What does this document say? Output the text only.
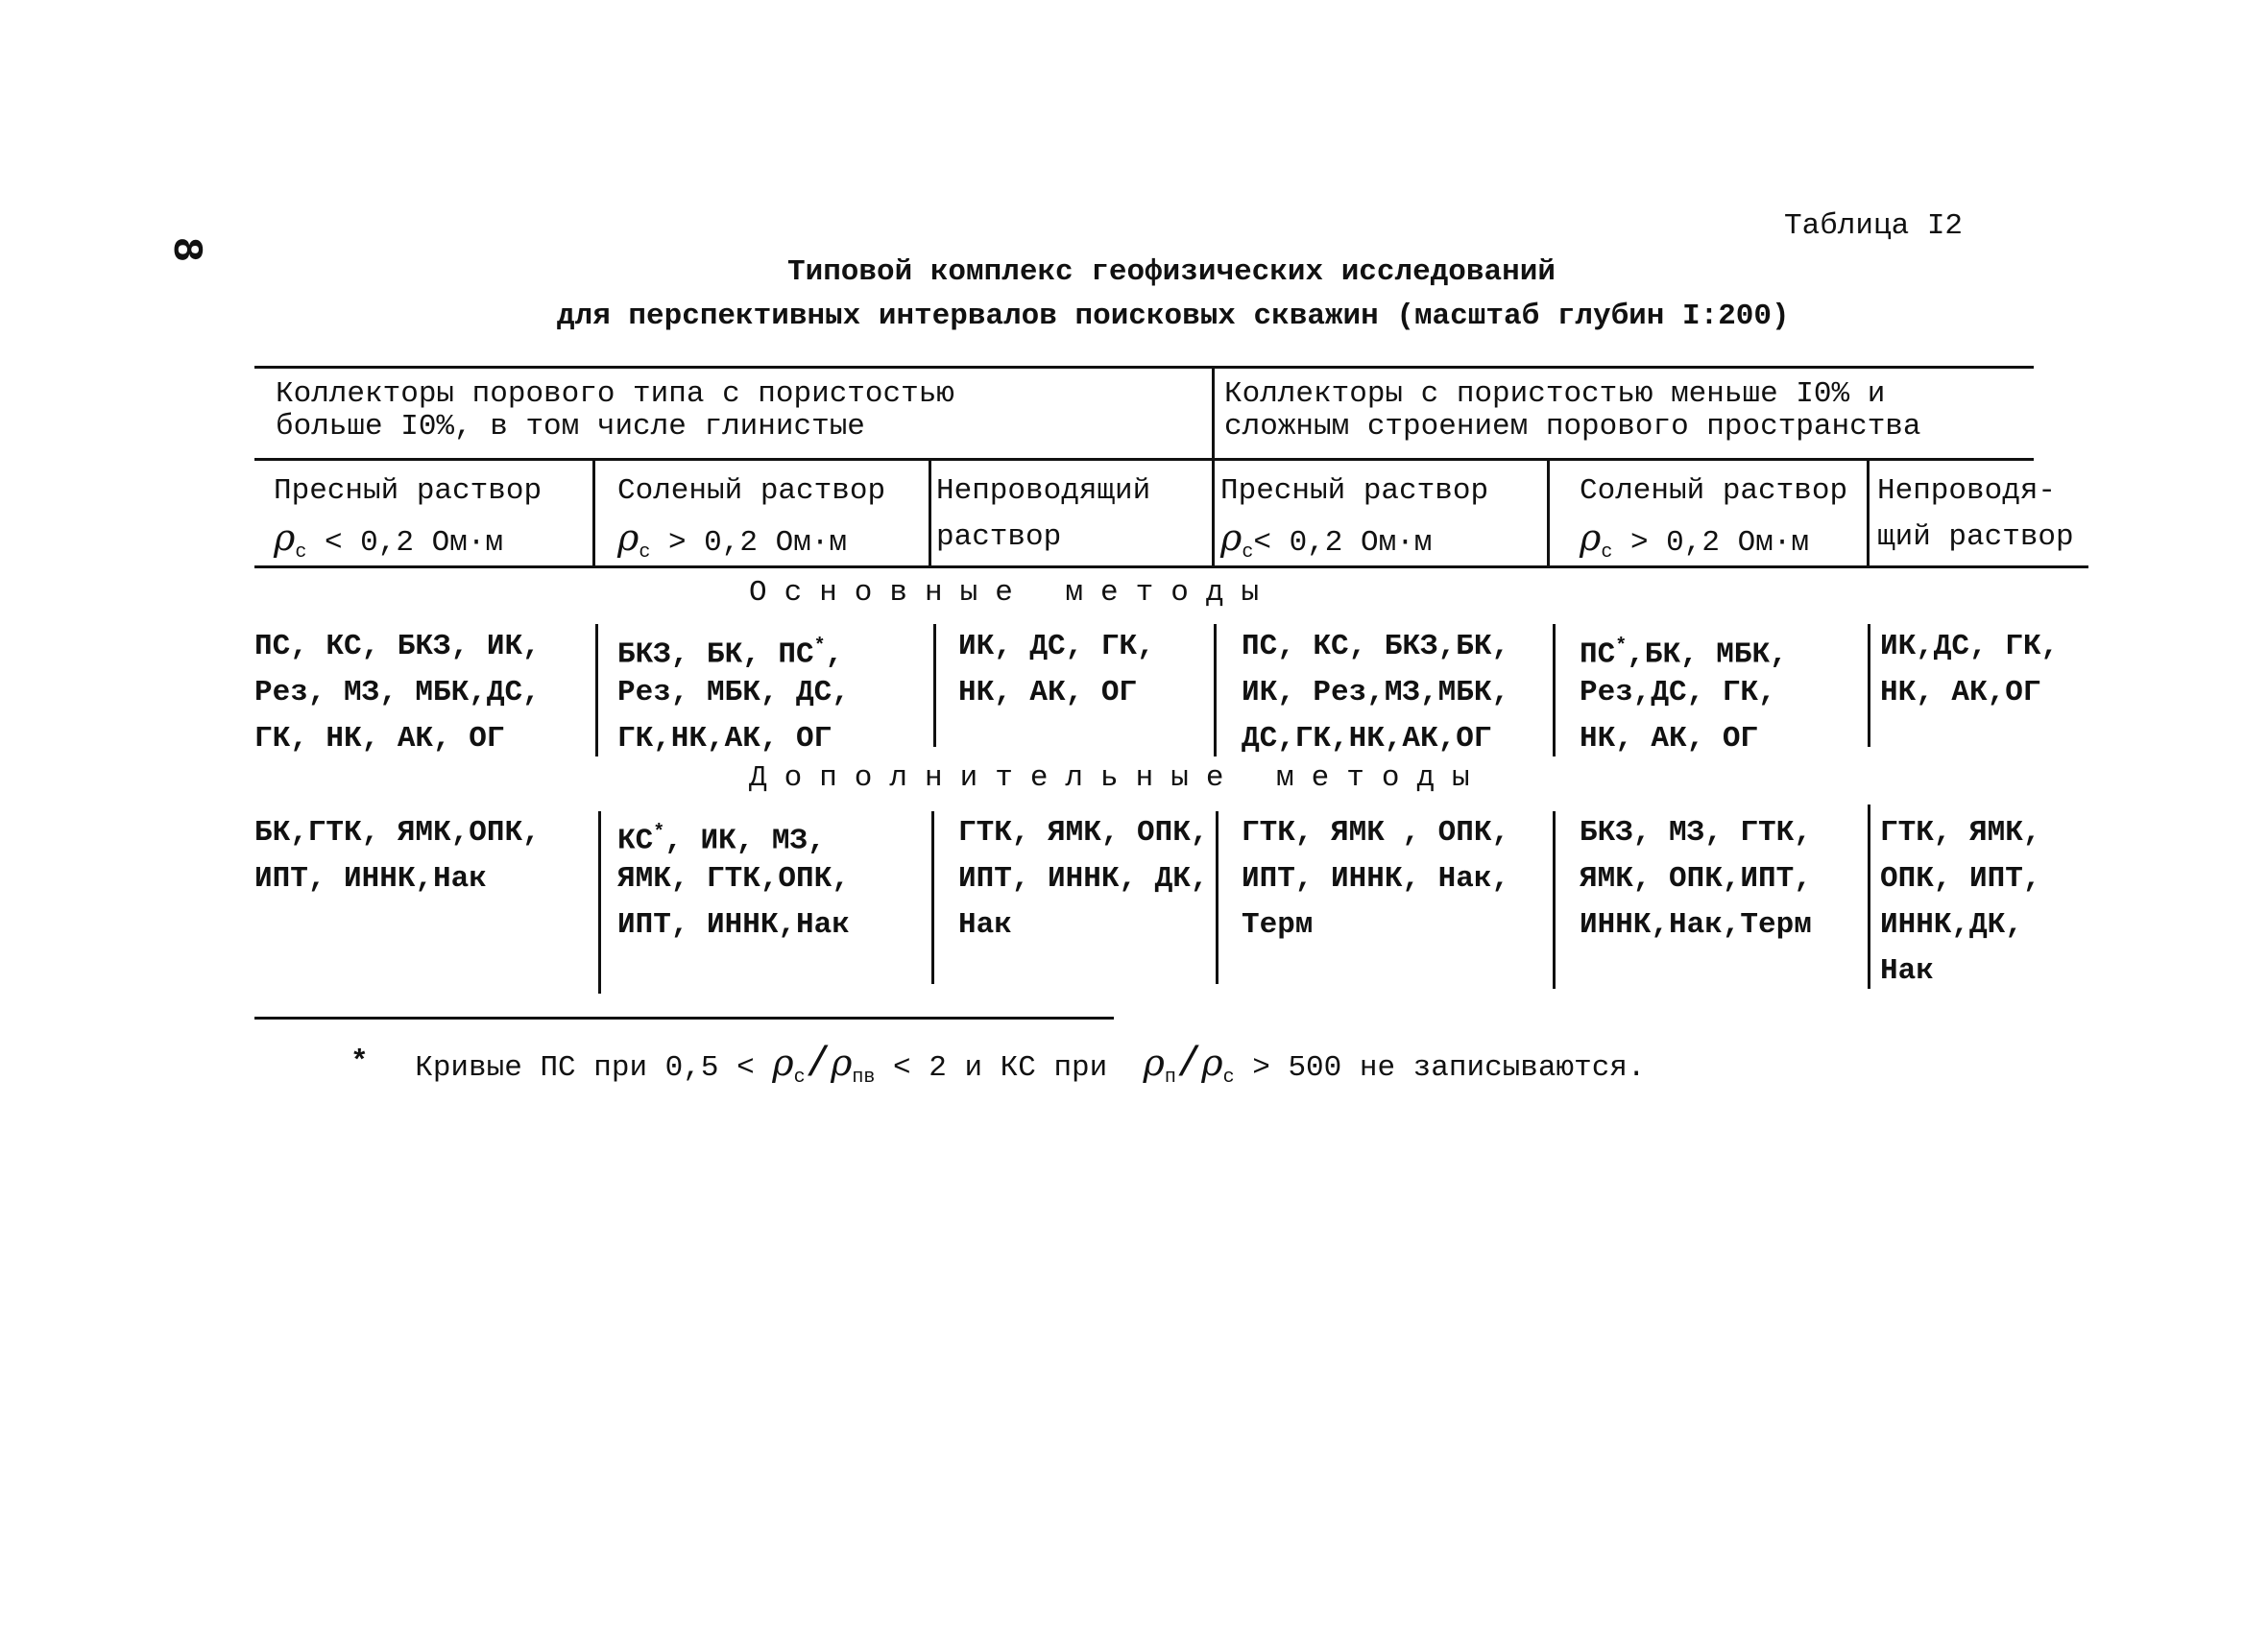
8
Таблица I2
Типовой комплекс геофизических исследований
для перспективных интервалов поисковых скважин (масштаб глубин I:200)
Коллекторы порового типа с пористостью
больше I0%, в том числе глинистые
Коллекторы с пористостью меньше I0% и
сложным строением порового пространства
Пресный раствор
$\rho_c < 0,2$ Ом·м
Соленый раствор
$\rho_c > 0,2$ Ом·м
Непроводящий
раствор
Пресный раствор
$\rho_c< 0,2$ Ом·м
Соленый раствор
$\rho_c > 0,2$ Ом·м
Непроводя-
щий раствор
Основные методы
ПС, КС, БКЗ, ИК,
Рез, МЗ, МБК,ДС,
ГК, НК, АК, ОГ
БКЗ, БК, ПС*,
Рез, МБК, ДС,
ГК,НК,АК, ОГ
ИК, ДС, ГК,
НК, АК, ОГ
ПС, КС, БКЗ,БК,
ИК, Рез,МЗ,МБК,
ДС,ГК,НК,АК,ОГ
ПС*,БК, МБК,
Рез,ДС, ГК,
НК, АК, ОГ
ИК,ДС, ГК,
НК, АК,ОГ
Дополнительные методы
БК,ГТК, ЯМК,ОПК,
ИПТ, ИННК,Нак
КС*, ИК, МЗ,
ЯМК, ГТК,ОПК,
ИПТ, ИННК,Нак
ГТК, ЯМК, ОПК,
ИПТ, ИННК, ДК,
Нак
ГТК, ЯМК , ОПК,
ИПТ, ИННК, Нак,
Терм
БКЗ, МЗ, ГТК,
ЯМК, ОПК,ИПТ,
ИННК,Нак,Терм
ГТК, ЯМК,
ОПК, ИПТ,
ИННК,ДК,
Нак
* Кривые ПС при $0,5 < \rho_c/\rho_{пв} < 2$ и КС при $\rho_п/\rho_c > 500$ не записываются.
